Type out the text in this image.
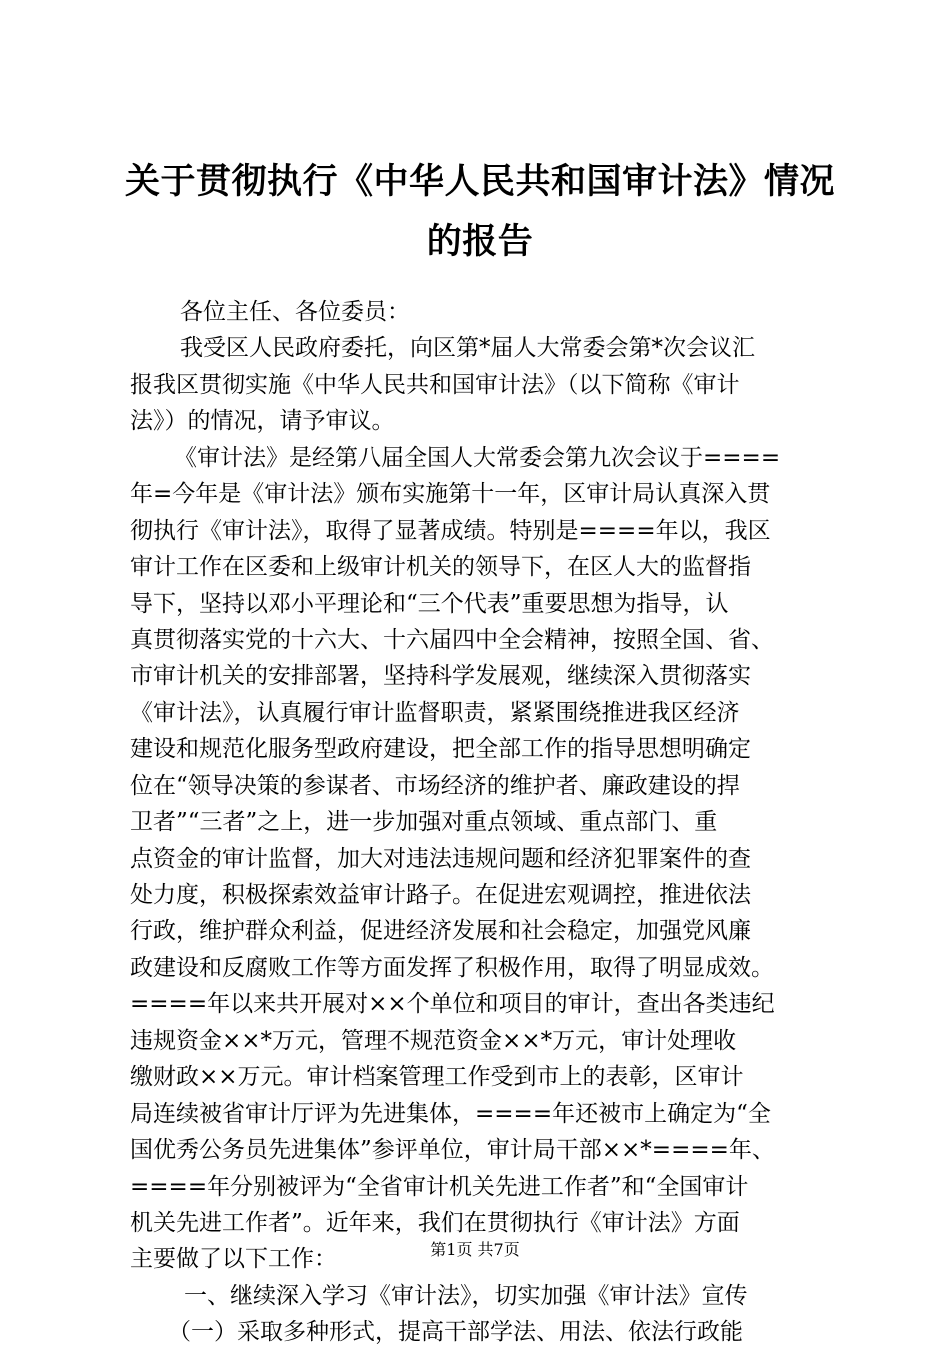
关于贯彻执行《中华人民共和国审计法》情况
的报告
各位主任、各位委员：
我受区人民政府委托，向区第*届人大常委会第*次会议汇
报我区贯彻实施《中华人民共和国审计法》（以下简称《审计
法》）的情况，请予审议。
《审计法》是经第八届全国人大常委会第九次会议于====
年=今年是《审计法》颁布实施第十一年，区审计局认真深入贯
彻执行《审计法》，取得了显著成绩。特别是====年以，我区
审计工作在区委和上级审计机关的领导下，在区人大的监督指
导下，坚持以邓小平理论和“三个代表”重要思想为指导，认
真贯彻落实党的十六大、十六届四中全会精神，按照全国、省、
市审计机关的安排部署，坚持科学发展观，继续深入贯彻落实
《审计法》，认真履行审计监督职责，紧紧围绕推进我区经济
建设和规范化服务型政府建设，把全部工作的指导思想明确定
位在“领导决策的参谋者、市场经济的维护者、廉政建设的捍
卫者”“三者”之上，进一步加强对重点领域、重点部门、重
点资金的审计监督，加大对违法违规问题和经济犯罪案件的查
处力度，积极探索效益审计路子。在促进宏观调控，推进依法
行政，维护群众利益，促进经济发展和社会稳定，加强党风廉
政建设和反腐败工作等方面发挥了积极作用，取得了明显成效。
====年以来共开展对××个单位和项目的审计，查出各类违纪
违规资金××*万元，管理不规范资金××*万元，审计处理收
缴财政××万元。审计档案管理工作受到市上的表彰，区审计
局连续被省审计厅评为先进集体，====年还被市上确定为“全
国优秀公务员先进集体”参评单位，审计局干部××*====年、
====年分别被评为“全省审计机关先进工作者”和“全国审计
机关先进工作者”。近年来，我们在贯彻执行《审计法》方面
主要做了以下工作：
一、继续深入学习《审计法》，切实加强《审计法》宣传
（一）采取多种形式，提高干部学法、用法、依法行政能
第1页 共7页
